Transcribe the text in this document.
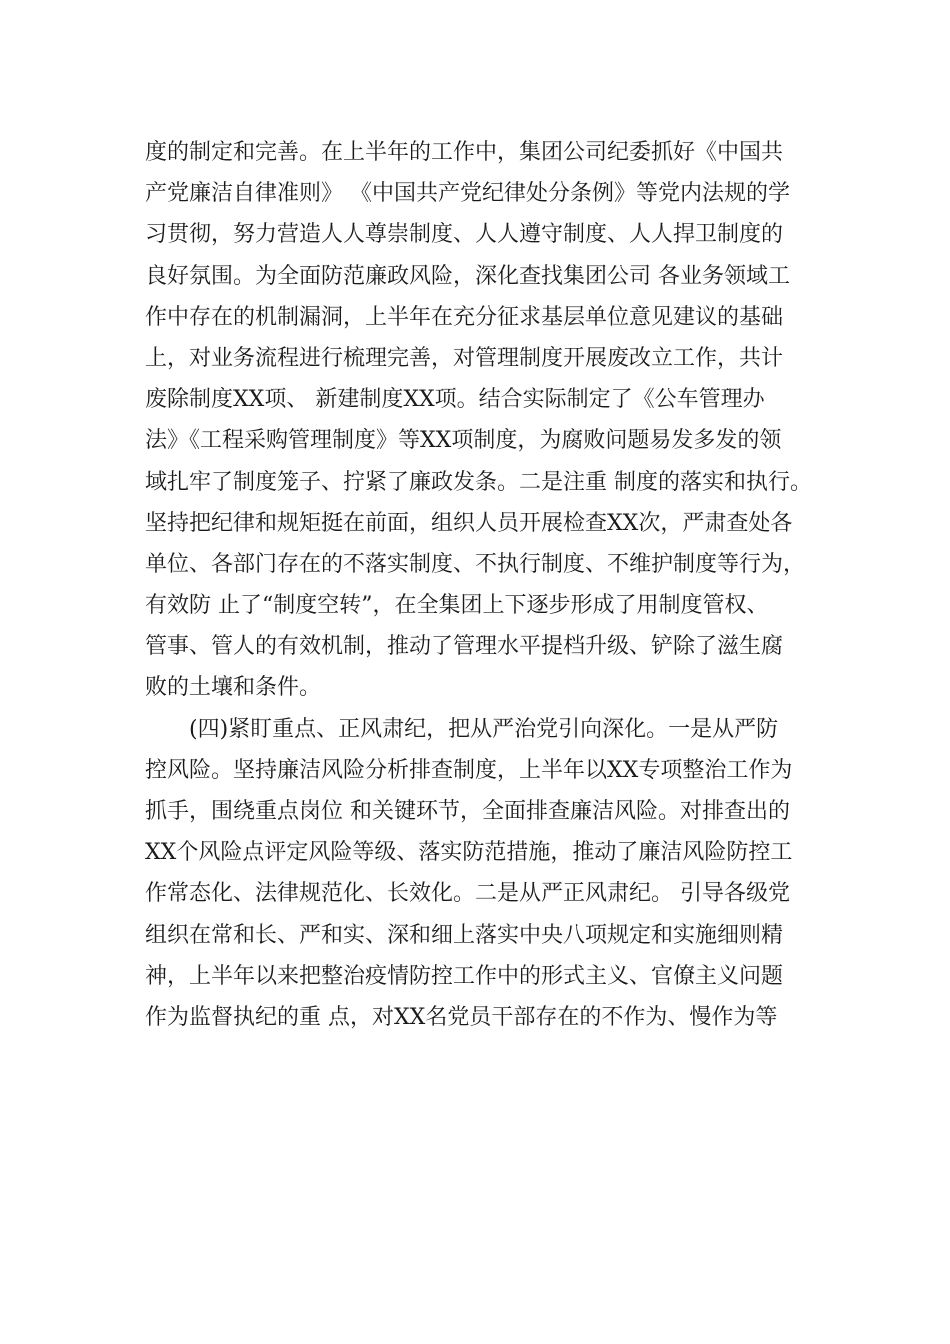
度的制定和完善。在上半年的工作中，集团公司纪委抓好《中国共
产党廉洁自律准则》 《中国共产党纪律处分条例》等党内法规的学
习贯彻，努力营造人人尊崇制度、人人遵守制度、人人捍卫制度的
良好氛围。为全面防范廉政风险，深化查找集团公司 各业务领域工
作中存在的机制漏洞，上半年在充分征求基层单位意见建议的基础
上，对业务流程进行梳理完善，对管理制度开展废改立工作，共计
废除制度XX项、 新建制度XX项。结合实际制定了《公车管理办
法》《工程采购管理制度》等XX项制度，为腐败问题易发多发的领
域扎牢了制度笼子、拧紧了廉政发条。二是注重 制度的落实和执行。
坚持把纪律和规矩挺在前面，组织人员开展检查XX次，严肃查处各
单位、各部门存在的不落实制度、不执行制度、不维护制度等行为，
有效防 止了“制度空转”，在全集团上下逐步形成了用制度管权、
管事、管人的有效机制，推动了管理水平提档升级、铲除了滋生腐
败的土壤和条件。
(四)紧盯重点、正风肃纪，把从严治党引向深化。一是从严防
控风险。坚持廉洁风险分析排查制度，上半年以XX专项整治工作为
抓手，围绕重点岗位 和关键环节，全面排查廉洁风险。对排查出的
XX个风险点评定风险等级、落实防范措施，推动了廉洁风险防控工
作常态化、法律规范化、长效化。二是从严正风肃纪。 引导各级党
组织在常和长、严和实、深和细上落实中央八项规定和实施细则精
神，上半年以来把整治疫情防控工作中的形式主义、官僚主义问题
作为监督执纪的重 点，对XX名党员干部存在的不作为、慢作为等
